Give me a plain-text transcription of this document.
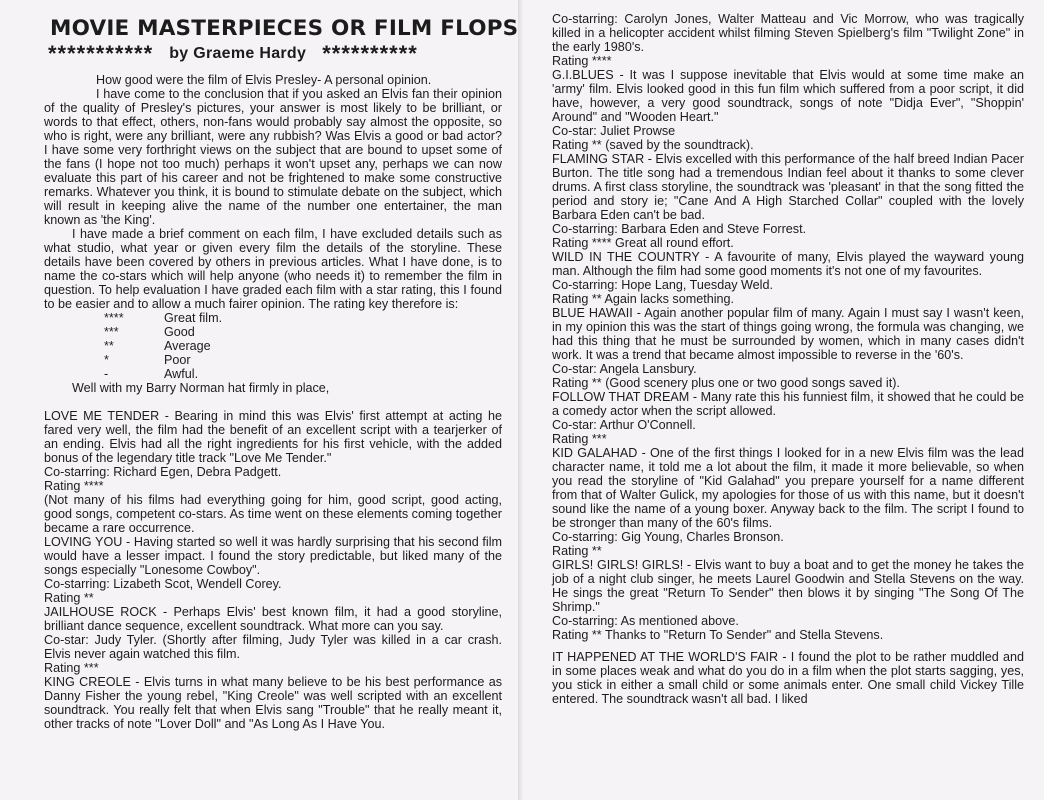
MOVIE MASTERPIECES OR FILM FLOPS
*********** by Graeme Hardy **********

How good were the film of Elvis Presley- A personal opinion.

I have come to the conclusion that if you asked an Elvis fan their opinion of the quality of Presley's pictures, your answer is most likely to be brilliant, or words to that effect, others, non-fans would probably say almost the opposite, so who is right, were any brilliant, were any rubbish? Was Elvis a good or bad actor? I have some very forthright views on the subject that are bound to upset some of the fans (I hope not too much) perhaps it won't upset any, perhaps we can now evaluate this part of his career and not be frightened to make some constructive remarks. Whatever you think, it is bound to stimulate debate on the subject, which will result in keeping alive the name of the number one entertainer, the man known as 'the King'.

I have made a brief comment on each film, I have excluded details such as what studio, what year or given every film the details of the storyline. These details have been covered by others in previous articles. What I have done, is to name the co-stars which will help anyone (who needs it) to remember the film in question. To help evaluation I have graded each film with a star rating, this I found to be easier and to allow a much fairer opinion. The rating key therefore is:

****	Great film.
***	Good
**	Average
*	Poor
-	Awful.

Well with my Barry Norman hat firmly in place,

LOVE ME TENDER - Bearing in mind this was Elvis' first attempt at acting he fared very well, the film had the benefit of an excellent script with a tearjerker of an ending. Elvis had all the right ingredients for his first vehicle, with the added bonus of the legendary title track "Love Me Tender."

Co-starring: Richard Egen, Debra Padgett.

Rating ****

(Not many of his films had everything going for him, good script, good acting, good songs, competent co-stars. As time went on these elements coming together became a rare occurrence.

LOVING YOU - Having started so well it was hardly surprising that his second film would have a lesser impact. I found the story predictable, but liked many of the songs especially "Lonesome Cowboy".

Co-starring: Lizabeth Scot, Wendell Corey.

Rating **

JAILHOUSE ROCK - Perhaps Elvis' best known film, it had a good storyline, brilliant dance sequence, excellent soundtrack. What more can you say.

Co-star: Judy Tyler. (Shortly after filming, Judy Tyler was killed in a car crash. Elvis never again watched this film.

Rating ***

KING CREOLE - Elvis turns in what many believe to be his best performance as Danny Fisher the young rebel, "King Creole" was well scripted with an excellent soundtrack. You really felt that when Elvis sang "Trouble" that he really meant it, other tracks of note "Lover Doll" and "As Long As I Have You.

Co-starring: Carolyn Jones, Walter Matteau and Vic Morrow, who was tragically killed in a helicopter accident whilst filming Steven Spielberg's film "Twilight Zone" in the early 1980's.

Rating ****

G.I.BLUES - It was I suppose inevitable that Elvis would at some time make an 'army' film. Elvis looked good in this fun film which suffered from a poor script, it did have, however, a very good soundtrack, songs of note "Didja Ever", "Shoppin' Around" and "Wooden Heart."

Co-star: Juliet Prowse

Rating ** (saved by the soundtrack).

FLAMING STAR - Elvis excelled with this performance of the half breed Indian Pacer Burton. The title song had a tremendous Indian feel about it thanks to some clever drums. A first class storyline, the soundtrack was 'pleasant' in that the song fitted the period and story ie; "Cane And A High Starched Collar" coupled with the lovely Barbara Eden can't be bad.

Co-starring: Barbara Eden and Steve Forrest.

Rating **** Great all round effort.

WILD IN THE COUNTRY - A favourite of many, Elvis played the wayward young man. Although the film had some good moments it's not one of my favourites.

Co-starring: Hope Lang, Tuesday Weld.

Rating ** Again lacks something.

BLUE HAWAII - Again another popular film of many. Again I must say I wasn't keen, in my opinion this was the start of things going wrong, the formula was changing, we had this thing that he must be surrounded by women, which in many cases didn't work. It was a trend that became almost impossible to reverse in the '60's.

Co-star: Angela Lansbury.

Rating ** (Good scenery plus one or two good songs saved it).

FOLLOW THAT DREAM - Many rate this his funniest film, it showed that he could be a comedy actor when the script allowed.

Co-star: Arthur O'Connell.

Rating ***

KID GALAHAD - One of the first things I looked for in a new Elvis film was the lead character name, it told me a lot about the film, it made it more believable, so when you read the storyline of "Kid Galahad" you prepare yourself for a name different from that of Walter Gulick, my apologies for those of us with this name, but it doesn't sound like the name of a young boxer. Anyway back to the film. The script I found to be stronger than many of the 60's films.

Co-starring: Gig Young, Charles Bronson.

Rating **

GIRLS! GIRLS! GIRLS! - Elvis want to buy a boat and to get the money he takes the job of a night club singer, he meets Laurel Goodwin and Stella Stevens on the way. He sings the great "Return To Sender" then blows it by singing "The Song Of The Shrimp."

Co-starring: As mentioned above.

Rating ** Thanks to "Return To Sender" and Stella Stevens.

IT HAPPENED AT THE WORLD'S FAIR - I found the plot to be rather muddled and in some places weak and what do you do in a film when the plot starts sagging, yes, you stick in either a small child or some animals enter. One small child Vickey Tille entered. The soundtrack wasn't all bad. I liked
